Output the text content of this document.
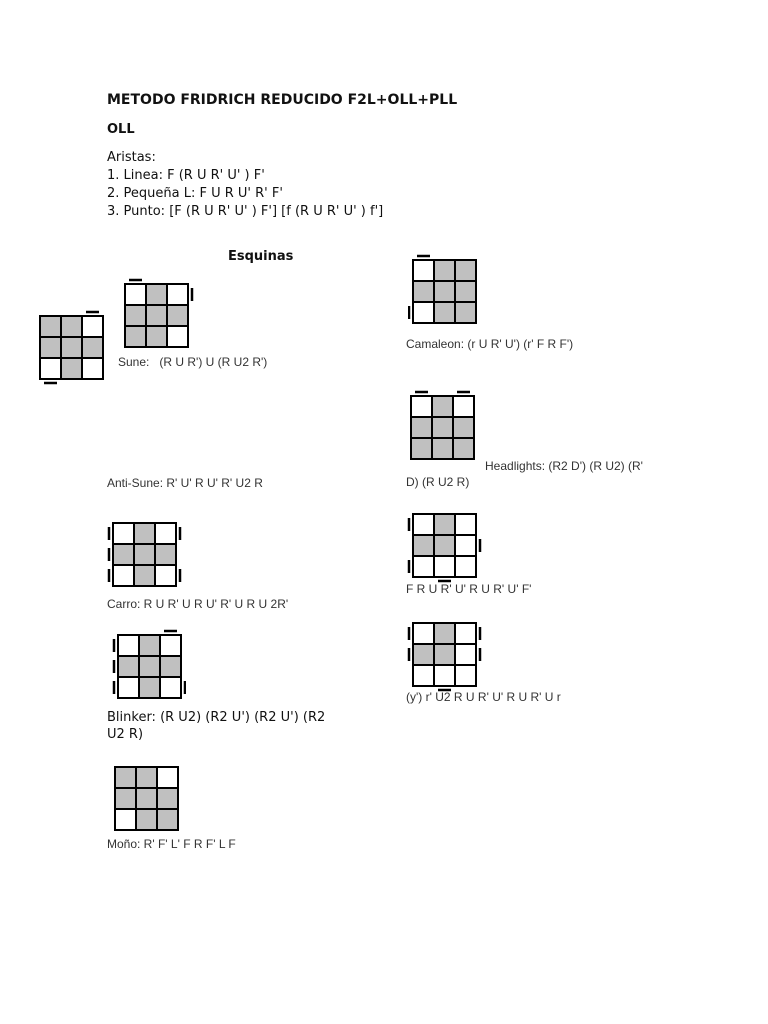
METODO FRIDRICH REDUCIDO F2L+OLL+PLL
OLL
Aristas:
1. Linea: F (R U R' U' ) F'
2. Pequeña L: F U R U' R' F'
3. Punto: [F (R U R' U' ) F'] [f (R U R' U' ) f']
Esquinas
Sune: (R U R') U (R U2 R')
Camaleon: (r U R' U') (r' F R F')
Headlights: (R2 D') (R U2) (R'
D) (R U2 R)
Anti-Sune: R' U' R U' R' U2 R
F R U R' U' R U R' U' F'
Carro: R U R' U R U' R' U R U 2R'
(y') r' U2 R U R' U' R U R' U r
Blinker: (R U2) (R2 U') (R2 U') (R2
U2 R)
Moño: R' F' L' F R F' L F
